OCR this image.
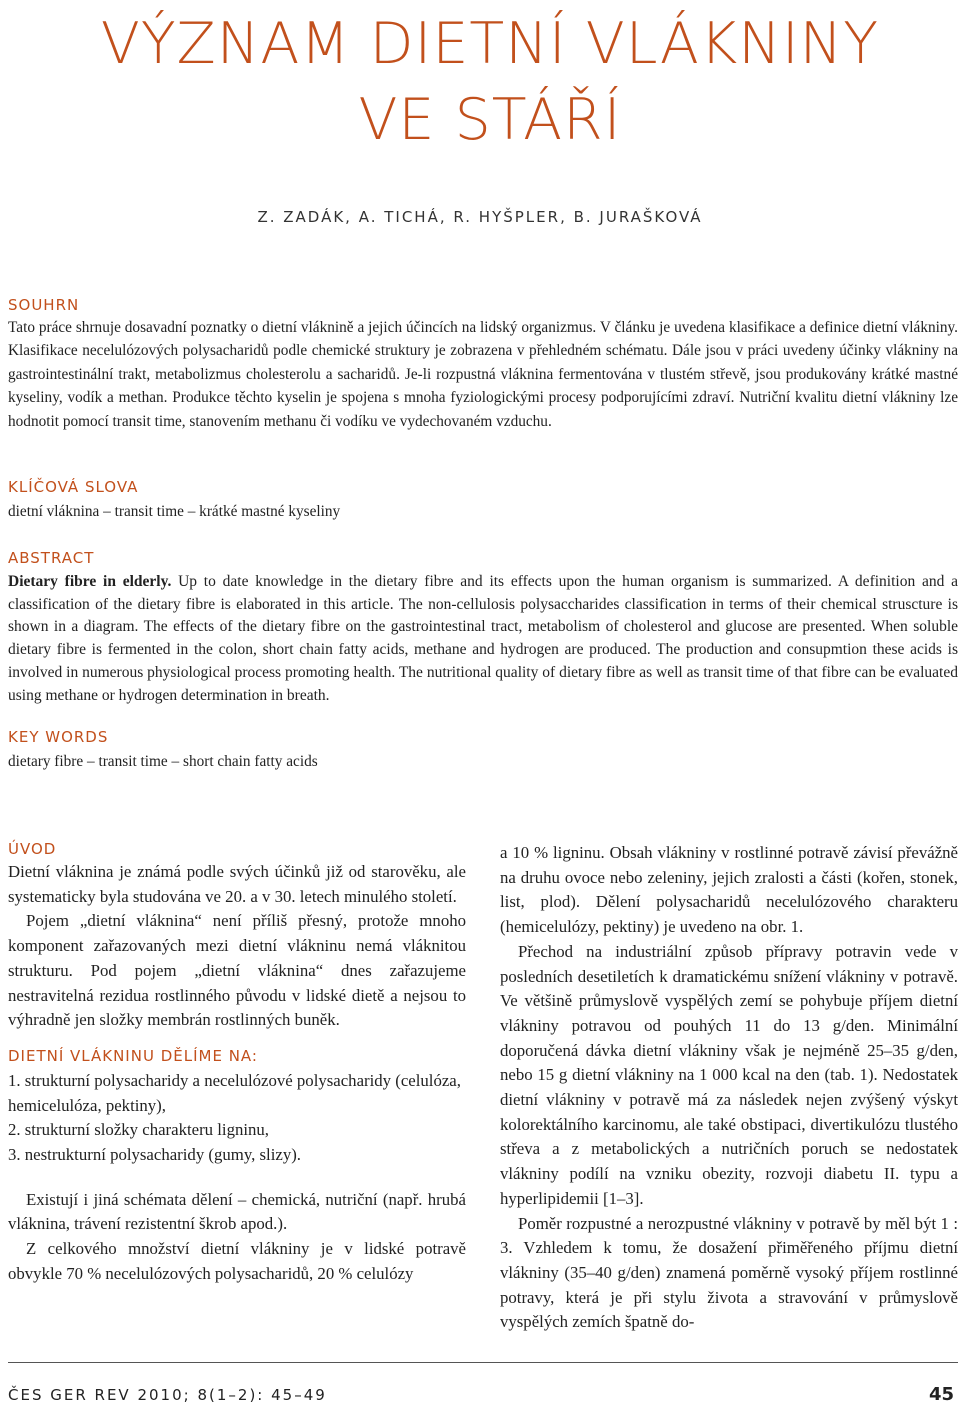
VÝZNAM DIETNÍ VLÁKNINY
VE STÁŘÍ
Z. ZADÁK, A. TICHÁ, R. HYŠPLER, B. JURAŠKOVÁ
SOUHRN

Tato práce shrnuje dosavadní poznatky o dietní vláknině a jejich účincích na lidský organizmus. V článku je uvedena klasifikace a definice dietní vlákniny. Klasifikace necelulózových polysacharidů podle chemické struktury je zobrazena v přehledném schématu. Dále jsou v práci uvedeny účinky vlákniny na gastrointestinální trakt, metabolizmus cholesterolu a sacharidů. Je-li rozpustná vláknina fermentována v tlustém střevě, jsou produkovány krátké mastné kyseliny, vodík a methan. Produkce těchto kyselin je spojena s mnoha fyziologickými procesy podporujícími zdraví. Nutriční kvalitu dietní vlákniny lze hodnotit pomocí transit time, stanovením methanu či vodíku ve vydechovaném vzduchu.

KLÍČOVÁ SLOVA

dietní vláknina – transit time – krátké mastné kyseliny

ABSTRACT

Dietary fibre in elderly. Up to date knowledge in the dietary fibre and its effects upon the human organism is summarized. A definition and a classification of the dietary fibre is elaborated in this article. The non-cellulosis polysaccharides classification in terms of their chemical struscture is shown in a diagram. The effects of the dietary fibre on the gastrointestinal tract, metabolism of cholesterol and glucose are presented. When soluble dietary fibre is fermented in the colon, short chain fatty acids, methane and hydrogen are produced. The production and consupmtion these acids is involved in numerous physiological process promoting health. The nutritional quality of dietary fibre as well as transit time of that fibre can be evaluated using methane or hydrogen determination in breath.

KEY WORDS

dietary fibre – transit time – short chain fatty acids

ÚVOD

Dietní vláknina je známá podle svých účinků již od starověku, ale systematicky byla studována ve 20. a v 30. letech minulého století.

Pojem „dietní vláknina“ není příliš přesný, protože mnoho komponent zařazovaných mezi dietní vlákninu nemá vláknitou strukturu. Pod pojem „dietní vláknina“ dnes zařazujeme nestravitelná rezidua rostlinného původu v lidské dietě a nejsou to výhradně jen složky membrán rostlinných buněk.

DIETNÍ VLÁKNINU DĚLÍME NA:

1. strukturní polysacharidy a necelulózové polysacharidy (celulóza, hemicelulóza, pektiny),

2. strukturní složky charakteru ligninu,

3. nestrukturní polysacharidy (gumy, slizy).

Existují i jiná schémata dělení – chemická, nutriční (např. hrubá vláknina, trávení rezistentní škrob apod.).

Z celkového množství dietní vlákniny je v lidské potravě obvykle 70 % necelulózových polysacharidů, 20 % celulózy

a 10 % ligninu. Obsah vlákniny v rostlinné potravě závisí převážně na druhu ovoce nebo zeleniny, jejich zralosti a části (kořen, stonek, list, plod). Dělení polysacharidů necelulózového charakteru (hemicelulózy, pektiny) je uvedeno na obr. 1.

Přechod na industriální způsob přípravy potravin vede v posledních desetiletích k dramatickému snížení vlákniny v potravě. Ve většině průmyslově vyspělých zemí se pohybuje příjem dietní vlákniny potravou od pouhých 11 do 13 g/den. Minimální doporučená dávka dietní vlákniny však je nejméně 25–35 g/den, nebo 15 g dietní vlákniny na 1 000 kcal na den (tab. 1). Nedostatek dietní vlákniny v potravě má za následek nejen zvýšený výskyt kolorektálního karcinomu, ale také obstipaci, divertikulózu tlustého střeva a z metabolických a nutričních poruch se nedostatek vlákniny podílí na vzniku obezity, rozvoji diabetu II. typu a hyperlipidemii [1–3].

Poměr rozpustné a nerozpustné vlákniny v potravě by měl být 1 : 3. Vzhledem k tomu, že dosažení přiměřeného příjmu dietní vlákniny (35–40 g/den) znamená poměrně vysoký příjem rostlinné potravy, která je při stylu života a stravování v průmyslově vyspělých zemích špatně do-

ČES GER REV 2010; 8(1–2): 45–49	45
